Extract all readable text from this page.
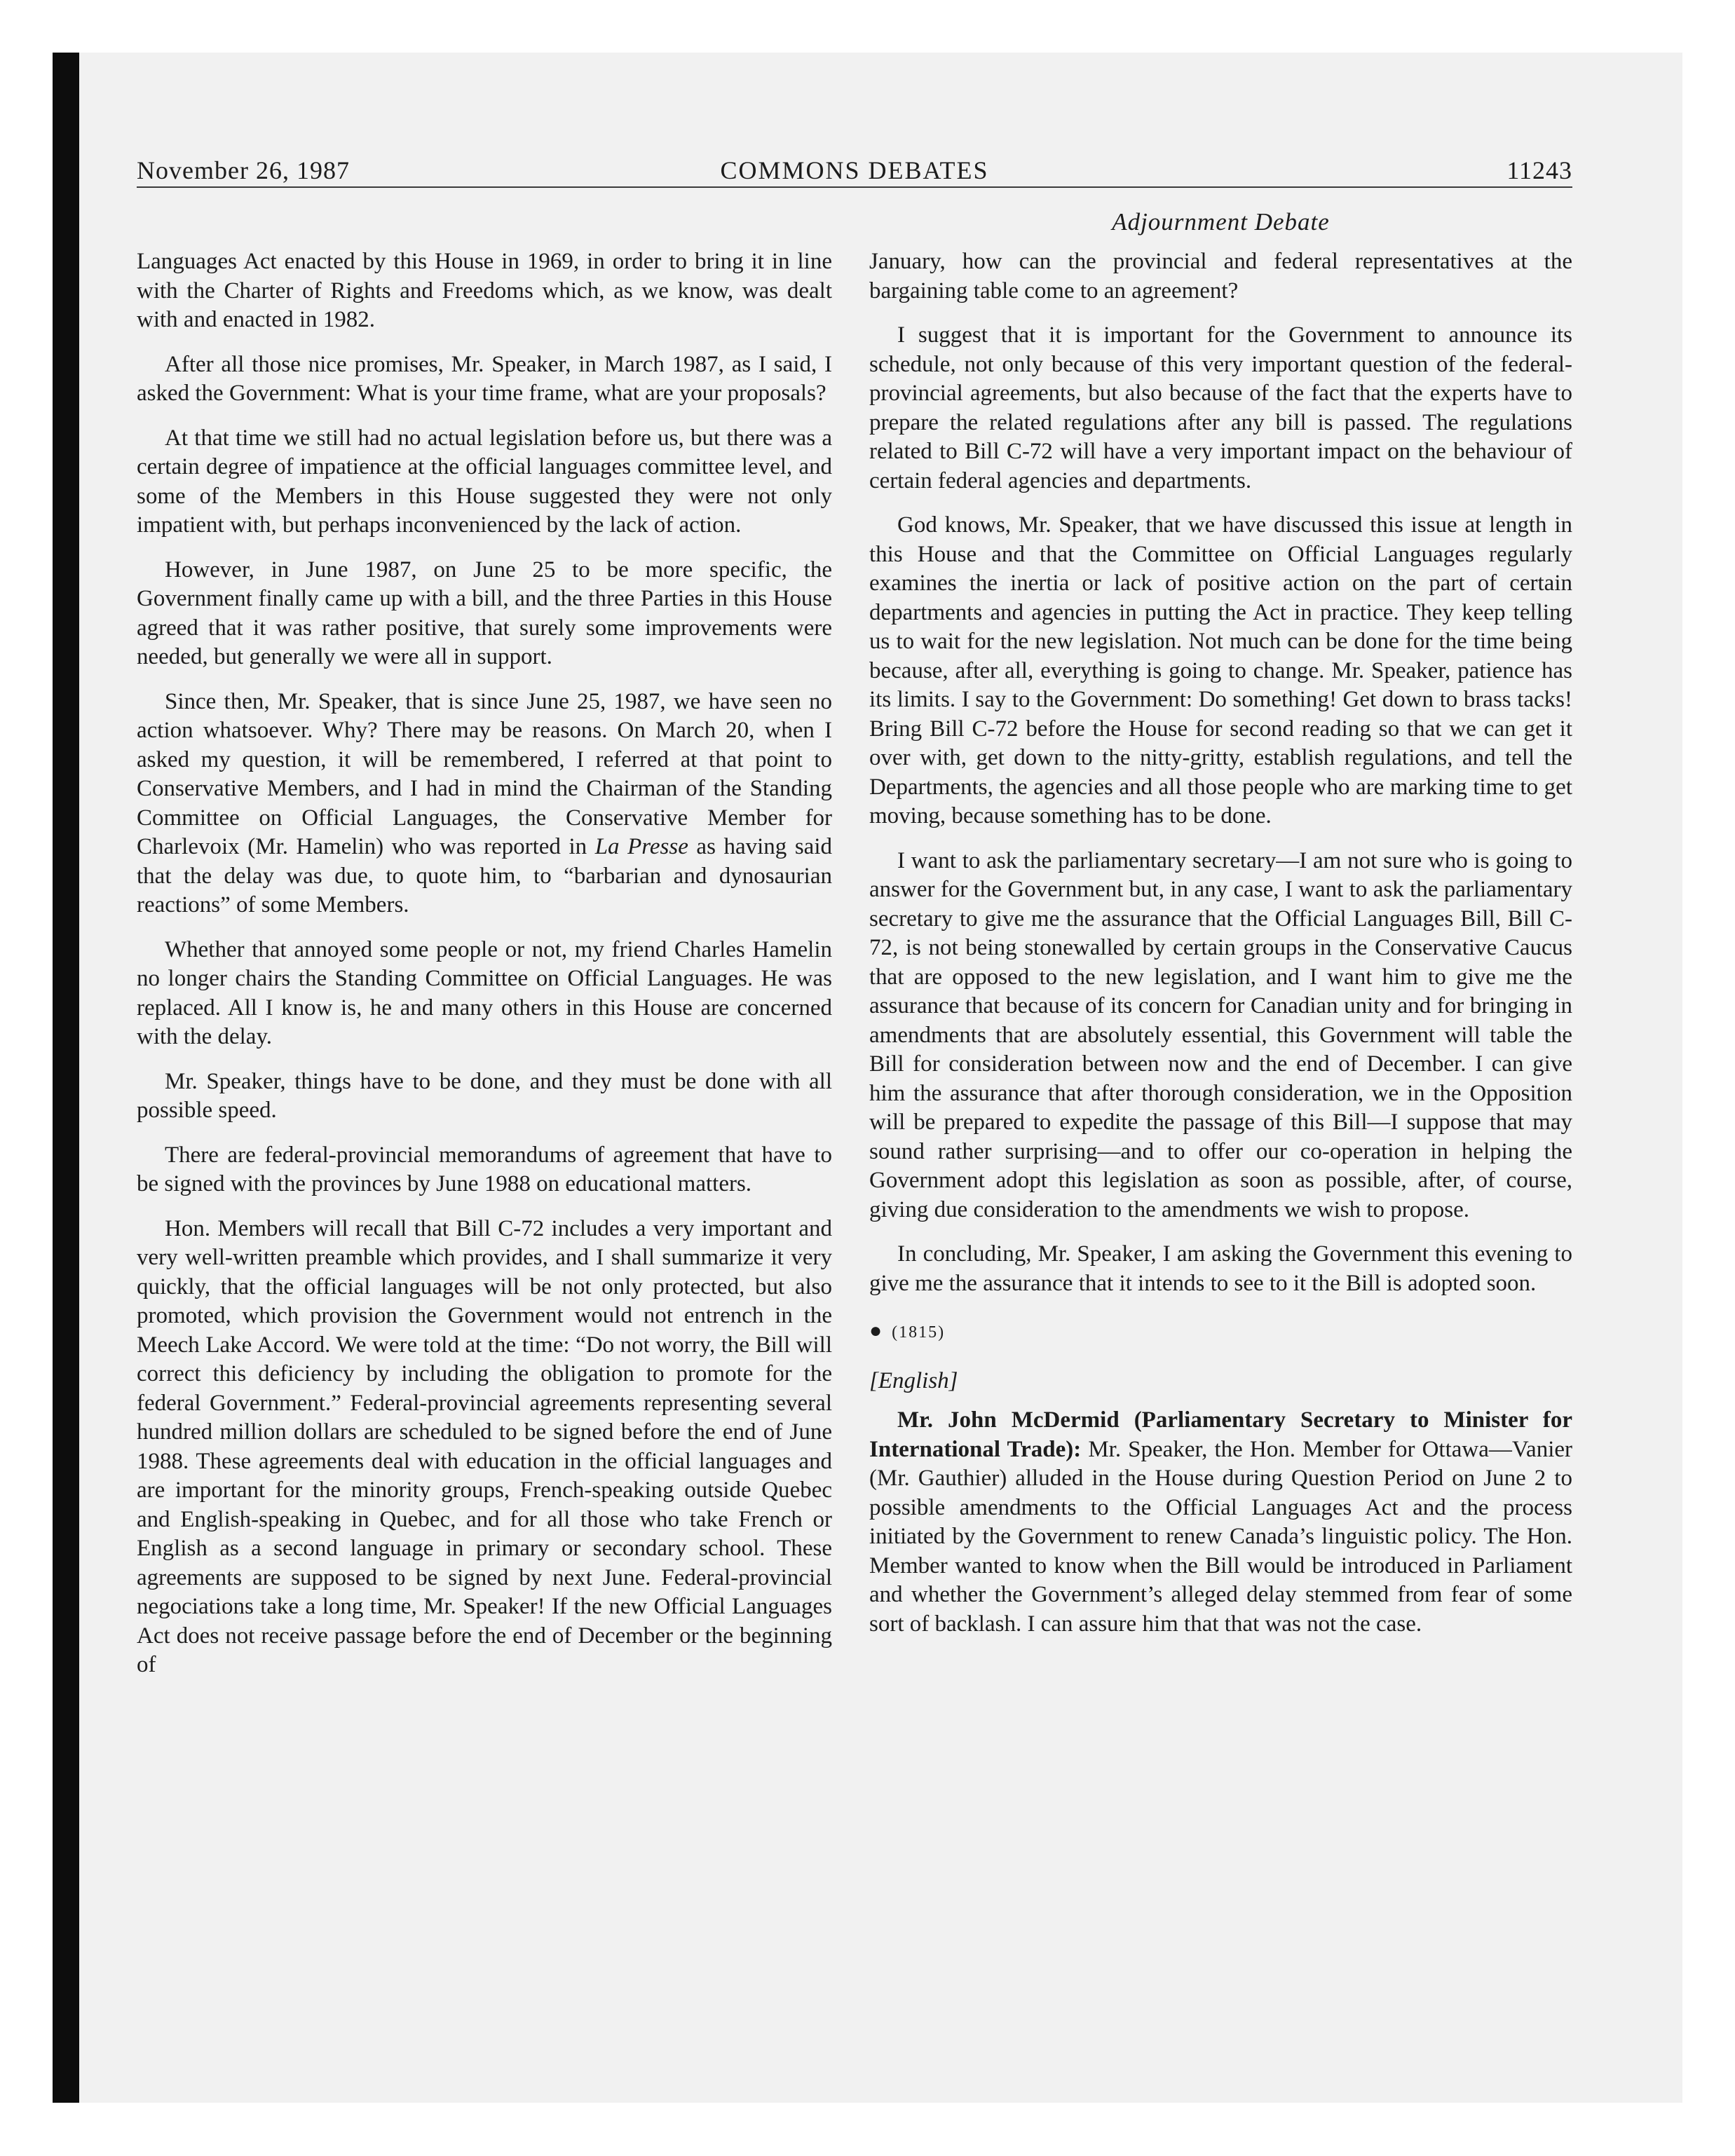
November 26, 1987	COMMONS DEBATES	11243
Adjournment Debate

Languages Act enacted by this House in 1969, in order to bring it in line with the Charter of Rights and Freedoms which, as we know, was dealt with and enacted in 1982.

After all those nice promises, Mr. Speaker, in March 1987, as I said, I asked the Government: What is your time frame, what are your proposals?

At that time we still had no actual legislation before us, but there was a certain degree of impatience at the official languages committee level, and some of the Members in this House suggested they were not only impatient with, but perhaps inconvenienced by the lack of action.

However, in June 1987, on June 25 to be more specific, the Government finally came up with a bill, and the three Parties in this House agreed that it was rather positive, that surely some improvements were needed, but generally we were all in support.

Since then, Mr. Speaker, that is since June 25, 1987, we have seen no action whatsoever. Why? There may be reasons. On March 20, when I asked my question, it will be remembered, I referred at that point to Conservative Members, and I had in mind the Chairman of the Standing Committee on Official Languages, the Conservative Member for Charlevoix (Mr. Hamelin) who was reported in La Presse as having said that the delay was due, to quote him, to “barbarian and dynosaurian reactions” of some Members.

Whether that annoyed some people or not, my friend Charles Hamelin no longer chairs the Standing Committee on Official Languages. He was replaced. All I know is, he and many others in this House are concerned with the delay.

Mr. Speaker, things have to be done, and they must be done with all possible speed.

There are federal-provincial memorandums of agreement that have to be signed with the provinces by June 1988 on educational matters.

Hon. Members will recall that Bill C-72 includes a very important and very well-written preamble which provides, and I shall summarize it very quickly, that the official languages will be not only protected, but also promoted, which provision the Government would not entrench in the Meech Lake Accord. We were told at the time: “Do not worry, the Bill will correct this deficiency by including the obligation to promote for the federal Government.” Federal-provincial agreements representing several hundred million dollars are scheduled to be signed before the end of June 1988. These agreements deal with education in the official languages and are important for the minority groups, French-speaking outside Quebec and English-speaking in Quebec, and for all those who take French or English as a second language in primary or secondary school. These agreements are supposed to be signed by next June. Federal-provincial negociations take a long time, Mr. Speaker! If the new Official Languages Act does not receive passage before the end of December or the beginning of

January, how can the provincial and federal representatives at the bargaining table come to an agreement?

I suggest that it is important for the Government to announce its schedule, not only because of this very important question of the federal-provincial agreements, but also because of the fact that the experts have to prepare the related regulations after any bill is passed. The regulations related to Bill C-72 will have a very important impact on the behaviour of certain federal agencies and departments.

God knows, Mr. Speaker, that we have discussed this issue at length in this House and that the Committee on Official Languages regularly examines the inertia or lack of positive action on the part of certain departments and agencies in putting the Act in practice. They keep telling us to wait for the new legislation. Not much can be done for the time being because, after all, everything is going to change. Mr. Speaker, patience has its limits. I say to the Government: Do something! Get down to brass tacks! Bring Bill C-72 before the House for second reading so that we can get it over with, get down to the nitty-gritty, establish regulations, and tell the Departments, the agencies and all those people who are marking time to get moving, because something has to be done.

I want to ask the parliamentary secretary—I am not sure who is going to answer for the Government but, in any case, I want to ask the parliamentary secretary to give me the assurance that the Official Languages Bill, Bill C-72, is not being stonewalled by certain groups in the Conservative Caucus that are opposed to the new legislation, and I want him to give me the assurance that because of its concern for Canadian unity and for bringing in amendments that are absolutely essential, this Government will table the Bill for consideration between now and the end of December. I can give him the assurance that after thorough consideration, we in the Opposition will be prepared to expedite the passage of this Bill—I suppose that may sound rather surprising—and to offer our co-operation in helping the Government adopt this legislation as soon as possible, after, of course, giving due consideration to the amendments we wish to propose.

In concluding, Mr. Speaker, I am asking the Government this evening to give me the assurance that it intends to see to it the Bill is adopted soon.

● (1815)
[English]

Mr. John McDermid (Parliamentary Secretary to Minister for International Trade): Mr. Speaker, the Hon. Member for Ottawa—Vanier (Mr. Gauthier) alluded in the House during Question Period on June 2 to possible amendments to the Official Languages Act and the process initiated by the Government to renew Canada’s linguistic policy. The Hon. Member wanted to know when the Bill would be introduced in Parliament and whether the Government’s alleged delay stemmed from fear of some sort of backlash. I can assure him that that was not the case.
